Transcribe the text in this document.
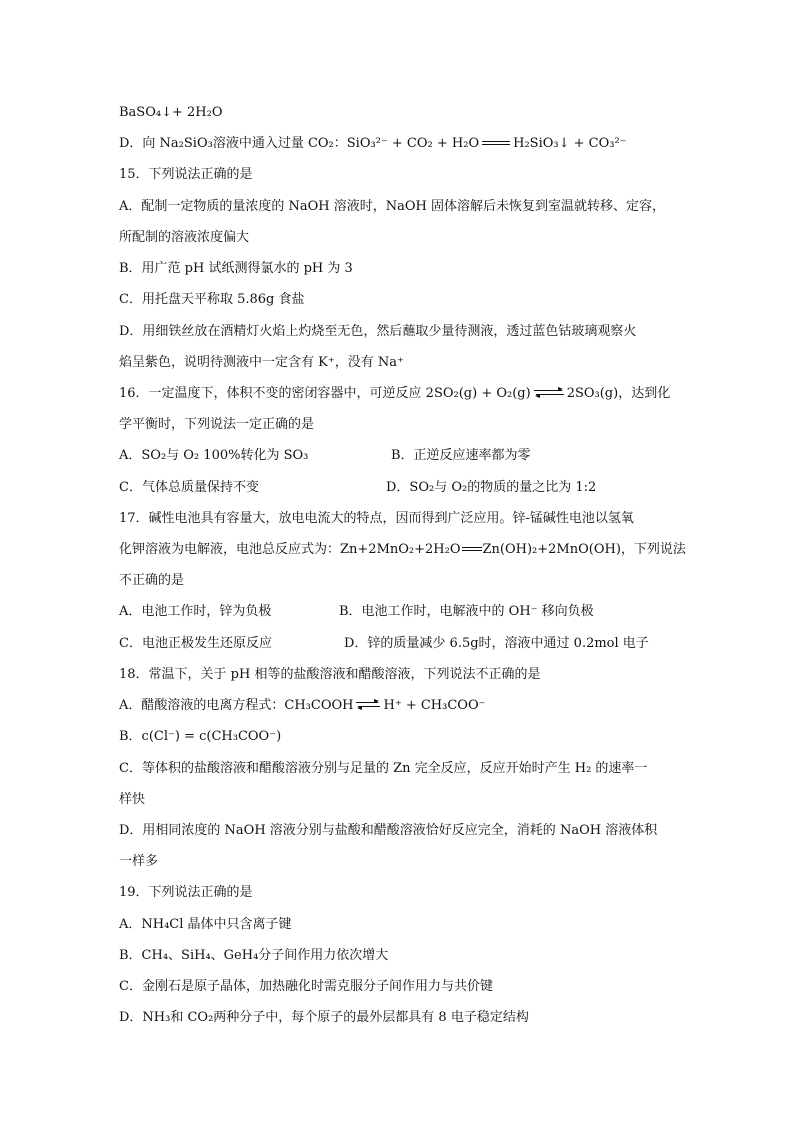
BaSO₄↓+ 2H₂O
D．向 Na₂SiO₃溶液中通入过量 CO₂：SiO₃²⁻ + CO₂ + H₂O	H₂SiO₃↓ + CO₃²⁻
15．下列说法正确的是
A．配制一定物质的量浓度的 NaOH 溶液时，NaOH 固体溶解后未恢复到室温就转移、定容，
所配制的溶液浓度偏大
B．用广范 pH 试纸测得氯水的 pH 为 3
C．用托盘天平称取 5.86g 食盐
D．用细铁丝放在酒精灯火焰上灼烧至无色，然后蘸取少量待测液，透过蓝色钴玻璃观察火
焰呈紫色，说明待测液中一定含有 K⁺，没有 Na⁺
16．一定温度下，体积不变的密闭容器中，可逆反应 2SO₂(g) + O₂(g) ⇌ 2SO₃(g)，达到化
学平衡时，下列说法一定正确的是
A．SO₂与 O₂ 100%转化为 SO₃	B．正逆反应速率都为零
C．气体总质量保持不变	D．SO₂与 O₂的物质的量之比为 1:2
17．碱性电池具有容量大，放电电流大的特点，因而得到广泛应用。锌-锰碱性电池以氢氧
化钾溶液为电解液，电池总反应式为：Zn+2MnO₂+2H₂O Zn(OH)₂+2MnO(OH)，下列说法
不正确的是
A．电池工作时，锌为负极	B．电池工作时，电解液中的 OH⁻ 移向负极
C．电池正极发生还原反应	D．锌的质量减少 6.5g时，溶液中通过 0.2mol 电子
18．常温下，关于 pH 相等的盐酸溶液和醋酸溶液，下列说法不正确的是
A．醋酸溶液的电离方程式：CH₃COOH ⇌ H⁺ + CH₃COO⁻
B．c(Cl⁻) = c(CH₃COO⁻)
C．等体积的盐酸溶液和醋酸溶液分别与足量的 Zn 完全反应，反应开始时产生 H₂ 的速率一
样快
D．用相同浓度的 NaOH 溶液分别与盐酸和醋酸溶液恰好反应完全，消耗的 NaOH 溶液体积
一样多
19．下列说法正确的是
A．NH₄Cl 晶体中只含离子键
B．CH₄、SiH₄、GeH₄分子间作用力依次增大
C．金刚石是原子晶体，加热融化时需克服分子间作用力与共价键
D．NH₃和 CO₂两种分子中，每个原子的最外层都具有 8 电子稳定结构
